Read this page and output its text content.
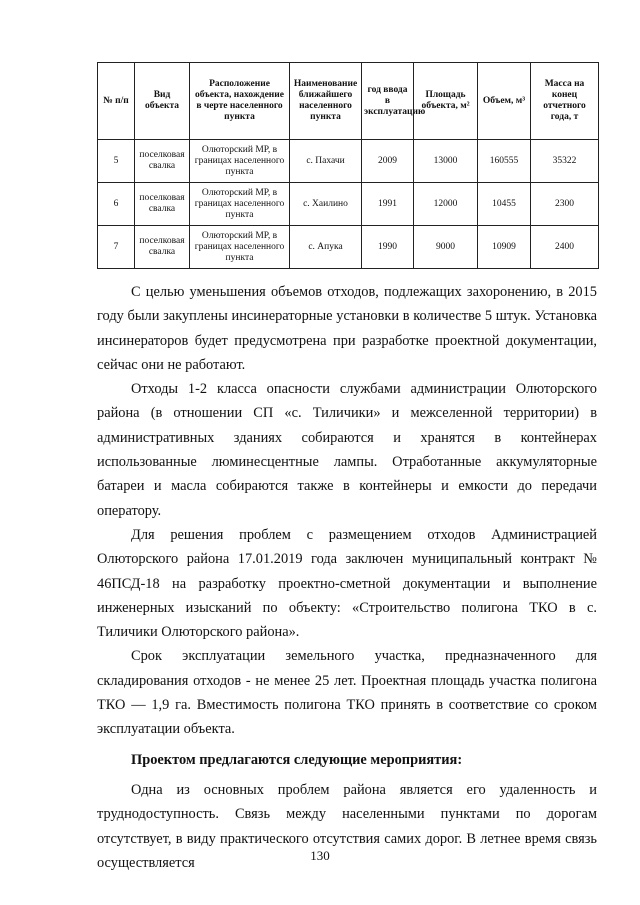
№ п/п	Вид объекта	Расположение объекта, нахождение в черте населенного пункта	Наименование ближайшего населенного пункта	год ввода в эксплуатацию	Площадь объекта, м²	Объем, м³	Масса на конец отчетного года, т
5	поселковая свалка	Олюторский МР, в границах населенного пункта	с. Пахачи	2009	13000	160555	35322
6	поселковая свалка	Олюторский МР, в границах населенного пункта	с. Хаилино	1991	12000	10455	2300
7	поселковая свалка	Олюторский МР, в границах населенного пункта	с. Апука	1990	9000	10909	2400

С целью уменьшения объемов отходов, подлежащих захоронению, в 2015 году были закуплены инсинераторные установки в количестве 5 штук. Установка инсинераторов будет предусмотрена при разработке проектной документации, сейчас они не работают.

Отходы 1-2 класса опасности службами администрации Олюторского района (в отношении СП «с. Тиличики» и межселенной территории) в административных зданиях собираются и хранятся в контейнерах использованные люминесцентные лампы. Отработанные аккумуляторные батареи и масла собираются также в контейнеры и емкости до передачи оператору.

Для решения проблем с размещением отходов Администрацией Олюторского района 17.01.2019 года заключен муниципальный контракт № 46ПСД-18 на разработку проектно-сметной документации и выполнение инженерных изысканий по объекту: «Строительство полигона ТКО в с. Тиличики Олюторского района».

Срок эксплуатации земельного участка, предназначенного для складирования отходов - не менее 25 лет. Проектная площадь участка полигона ТКО — 1,9 га. Вместимость полигона ТКО принять в соответствие со сроком эксплуатации объекта.

Проектом предлагаются следующие мероприятия:

Одна из основных проблем района является его удаленность и труднодоступность. Связь между населенными пунктами по дорогам отсутствует, в виду практического отсутствия самих дорог. В летнее время связь осуществляется	130
